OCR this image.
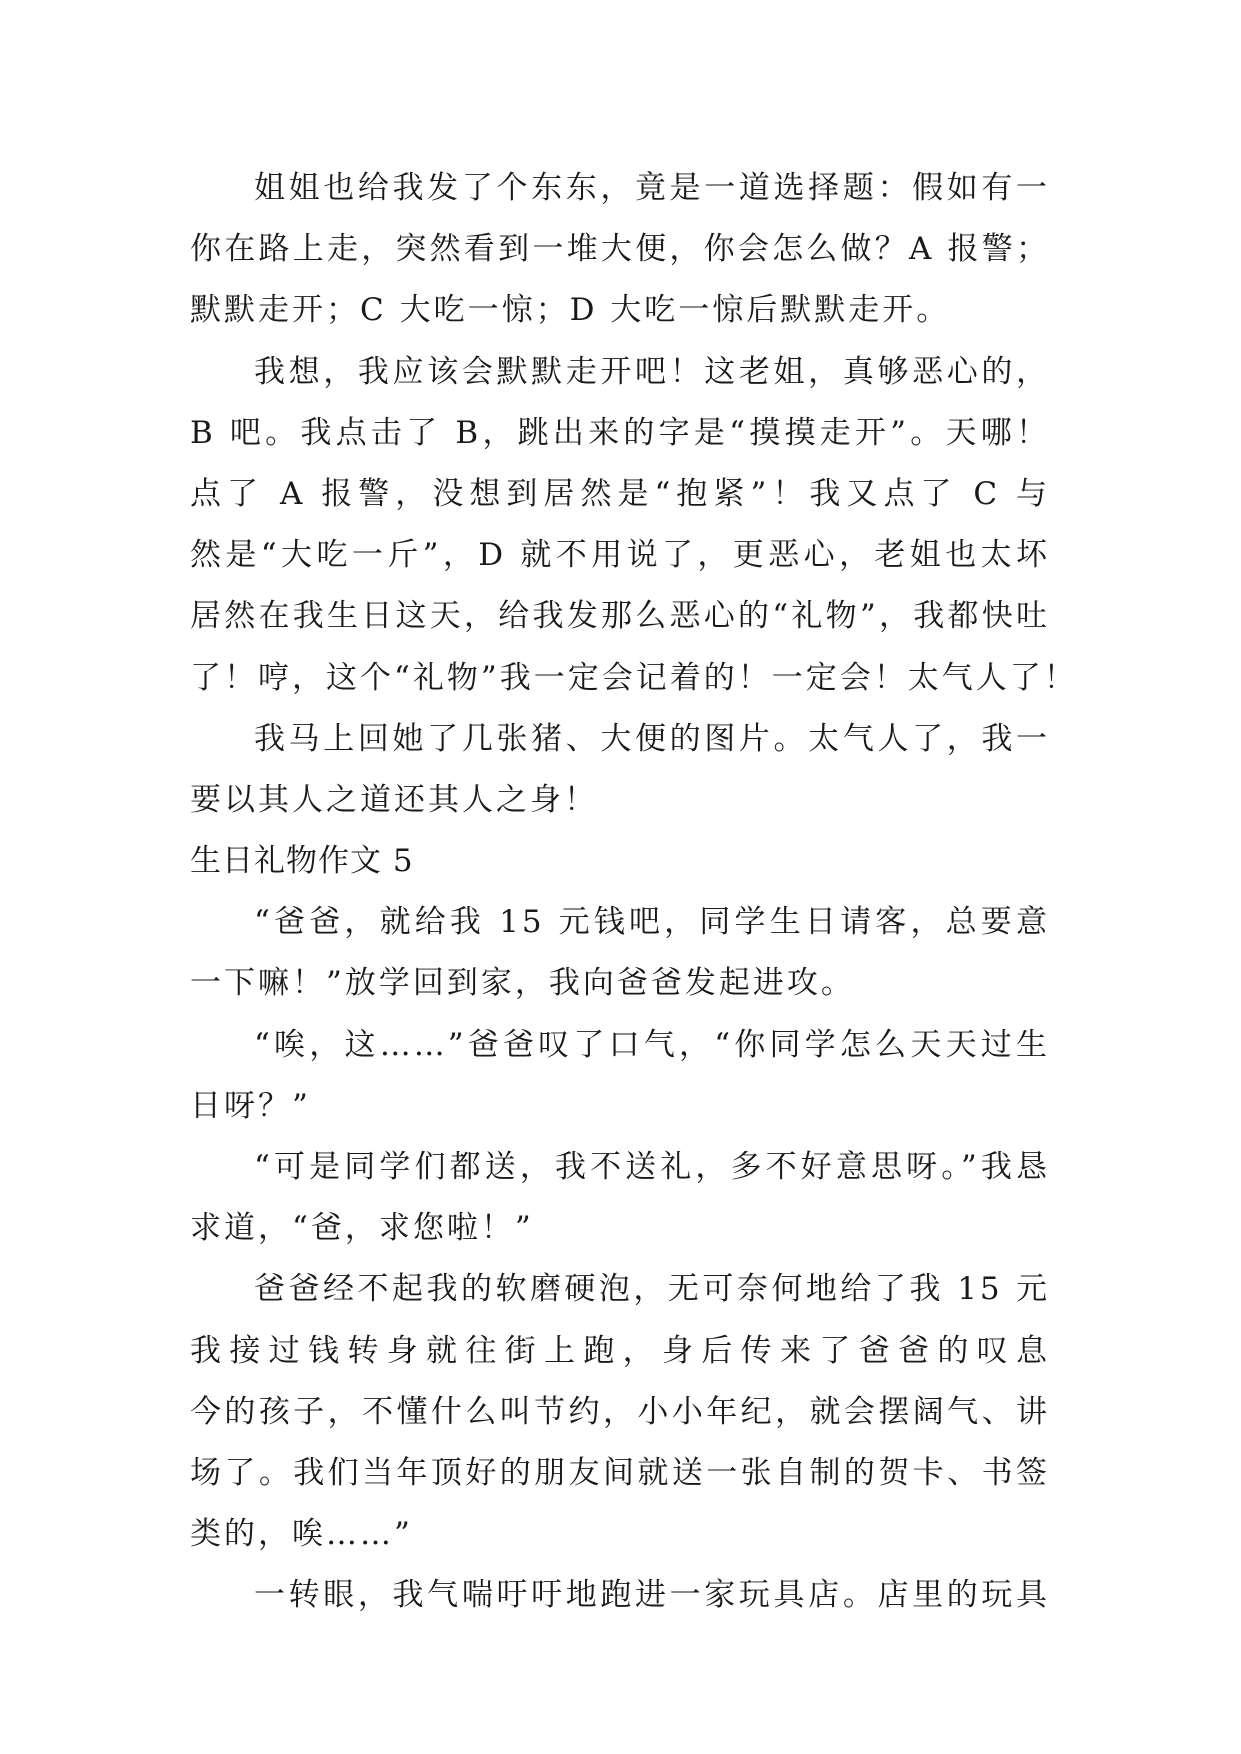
姐姐也给我发了个东东，竟是一道选择题：假如有一
你在路上走，突然看到一堆大便，你会怎么做？A 报警；
默默走开；C 大吃一惊；D 大吃一惊后默默走开。
我想，我应该会默默走开吧！这老姐，真够恶心的，
B 吧。我点击了 B，跳出来的字是“摸摸走开”。天哪！
点了 A 报警，没想到居然是“抱紧”！我又点了 C 与
然是“大吃一斤”，D 就不用说了，更恶心，老姐也太坏
居然在我生日这天，给我发那么恶心的“礼物”，我都快吐
了！哼，这个“礼物”我一定会记着的！一定会！太气人了！
我马上回她了几张猪、大便的图片。太气人了，我一
要以其人之道还其人之身！
生日礼物作文 5
“爸爸，就给我 15 元钱吧，同学生日请客，总要意
一下嘛！”放学回到家，我向爸爸发起进攻。
“唉，这……”爸爸叹了口气，“你同学怎么天天过生
日呀？”
“可是同学们都送，我不送礼，多不好意思呀。”我恳
求道，“爸，求您啦！”
爸爸经不起我的软磨硬泡，无可奈何地给了我 15 元
我接过钱转身就往街上跑，身后传来了爸爸的叹息
今的孩子，不懂什么叫节约，小小年纪，就会摆阔气、讲
场了。我们当年顶好的朋友间就送一张自制的贺卡、书签
类的，唉……”
一转眼，我气喘吁吁地跑进一家玩具店。店里的玩具
